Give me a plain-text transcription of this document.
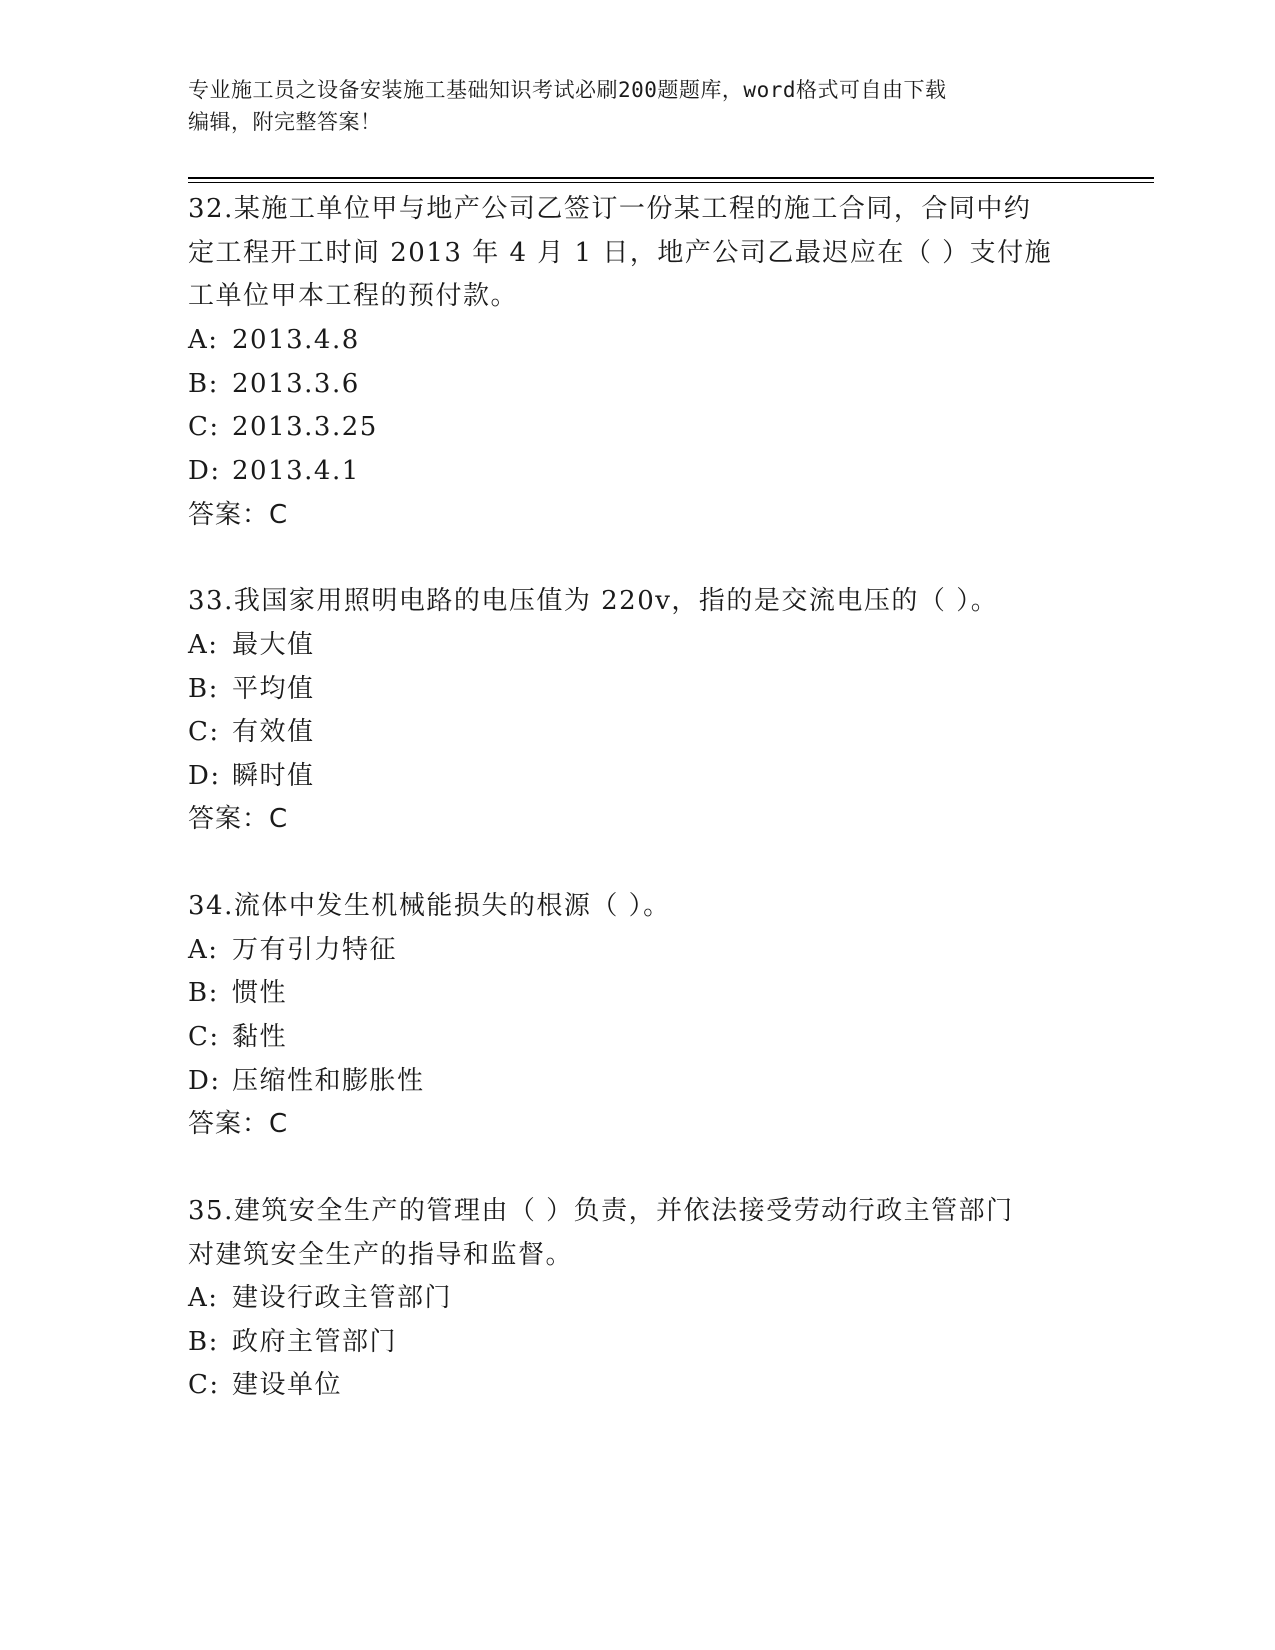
专业施工员之设备安装施工基础知识考试必刷200题题库，word格式可自由下载
编辑，附完整答案！
32.某施工单位甲与地产公司乙签订一份某工程的施工合同，合同中约
定工程开工时间 2013 年 4 月 1 日，地产公司乙最迟应在（ ）支付施
工单位甲本工程的预付款。
A: 2013.4.8
B: 2013.3.6
C: 2013.3.25
D: 2013.4.1
答案：C
33.我国家用照明电路的电压值为 220v，指的是交流电压的（ ）。
A: 最大值
B: 平均值
C: 有效值
D: 瞬时值
答案：C
34.流体中发生机械能损失的根源（ ）。
A: 万有引力特征
B: 惯性
C: 黏性
D: 压缩性和膨胀性
答案：C
35.建筑安全生产的管理由（ ）负责，并依法接受劳动行政主管部门
对建筑安全生产的指导和监督。
A: 建设行政主管部门
B: 政府主管部门
C: 建设单位
